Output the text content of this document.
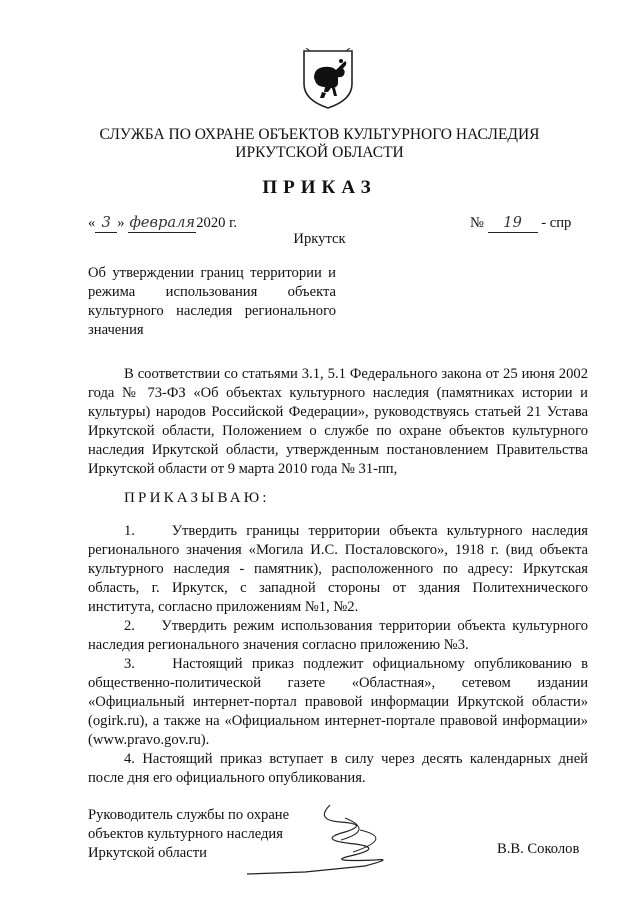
СЛУЖБА ПО ОХРАНЕ ОБЪЕКТОВ КУЛЬТУРНОГО НАСЛЕДИЯ
ИРКУТСКОЙ ОБЛАСТИ
ПРИКАЗ
« 3 » февраля2020 г.	№ 19 - спр
Иркутск
Об утверждении границ территории и режима использования объекта культурного наследия регионального значения
В соответствии со статьями 3.1, 5.1 Федерального закона от 25 июня 2002 года № 73-ФЗ «Об объектах культурного наследия (памятниках истории и культуры) народов Российской Федерации», руководствуясь статьей 21 Устава Иркутской области, Положением о службе по охране объектов культурного наследия Иркутской области, утвержденным постановлением Правительства Иркутской области от 9 марта 2010 года № 31-пп,
ПРИКАЗЫВАЮ:

1.    Утвердить границы территории объекта культурного наследия регионального значения «Могила И.С. Посталовского», 1918 г. (вид объекта культурного наследия - памятник), расположенного по адресу: Иркутская область, г. Иркутск, с западной стороны от здания Политехнического института, согласно приложениям №1, №2.

2.    Утвердить режим использования территории объекта культурного наследия регионального значения согласно приложению №3.

3.    Настоящий приказ подлежит официальному опубликованию в общественно-политической газете «Областная», сетевом издании «Официальный интернет-портал правовой информации Иркутской области» (ogirk.ru), а также на «Официальном интернет-портале правовой информации» (www.pravo.gov.ru).

4. Настоящий приказ вступает в силу через десять календарных дней после дня его официального опубликования.

Руководитель службы по охране
объектов культурного наследия
Иркутской области	В.В. Соколов
